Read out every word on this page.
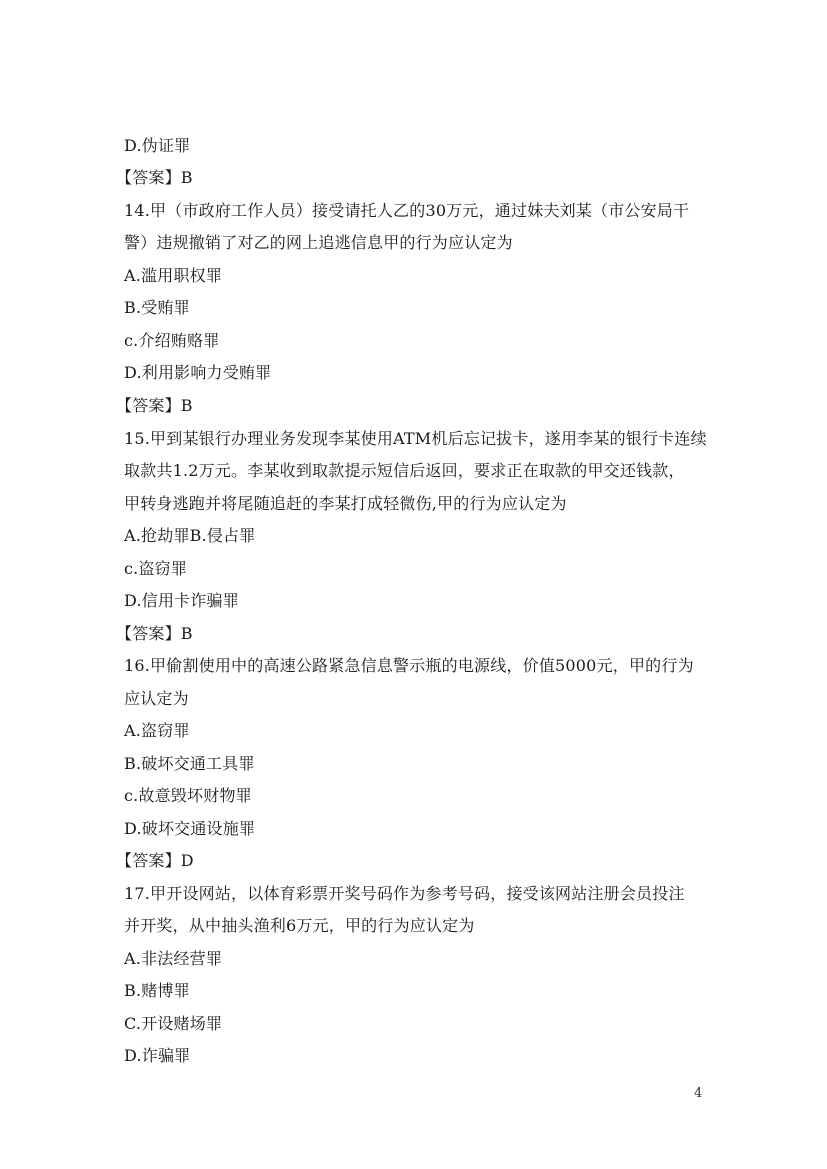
D.伪证罪
【答案】B
14.甲（市政府工作人员）接受请托人乙的30万元，通过妹夫刘某（市公安局干
警）违规撤销了对乙的网上追逃信息甲的行为应认定为
A.滥用职权罪
B.受贿罪
c.介绍贿赂罪
D.利用影响力受贿罪
【答案】B
15.甲到某银行办理业务发现李某使用ATM机后忘记拔卡，遂用李某的银行卡连续
取款共1.2万元。李某收到取款提示短信后返回，要求正在取款的甲交还钱款，
甲转身逃跑并将尾随追赶的李某打成轻微伤,甲的行为应认定为
A.抢劫罪B.侵占罪
c.盗窃罪
D.信用卡诈骗罪
【答案】B
16.甲偷割使用中的高速公路紧急信息警示瓶的电源线，价值5000元，甲的行为
应认定为
A.盗窃罪
B.破坏交通工具罪
c.故意毁坏财物罪
D.破坏交通设施罪
【答案】D
17.甲开设网站，以体育彩票开奖号码作为参考号码，接受该网站注册会员投注
并开奖，从中抽头渔利6万元，甲的行为应认定为
A.非法经营罪
B.赌博罪
C.开设赌场罪
D.诈骗罪
4
